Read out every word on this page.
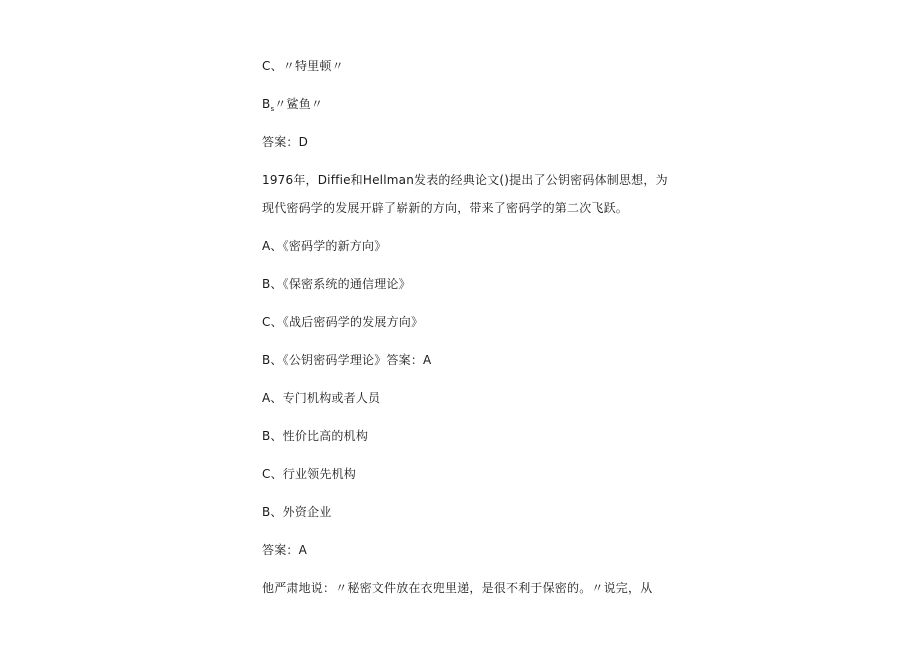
C、〃特里顿〃
$B_s$〃鲨鱼〃
答案：D
1976年，Diffie和Hellman发表的经典论文()提出了公钥密码体制思想，为
现代密码学的发展开辟了崭新的方向，带来了密码学的第二次飞跃。
A、《密码学的新方向》
B、《保密系统的通信理论》
C、《战后密码学的发展方向》
B、《公钥密码学理论》答案：A
A、专门机构或者人员
B、性价比高的机构
C、行业领先机构
B、外资企业
答案：A
他严肃地说：〃秘密文件放在衣兜里递，是很不利于保密的。〃说完，从
